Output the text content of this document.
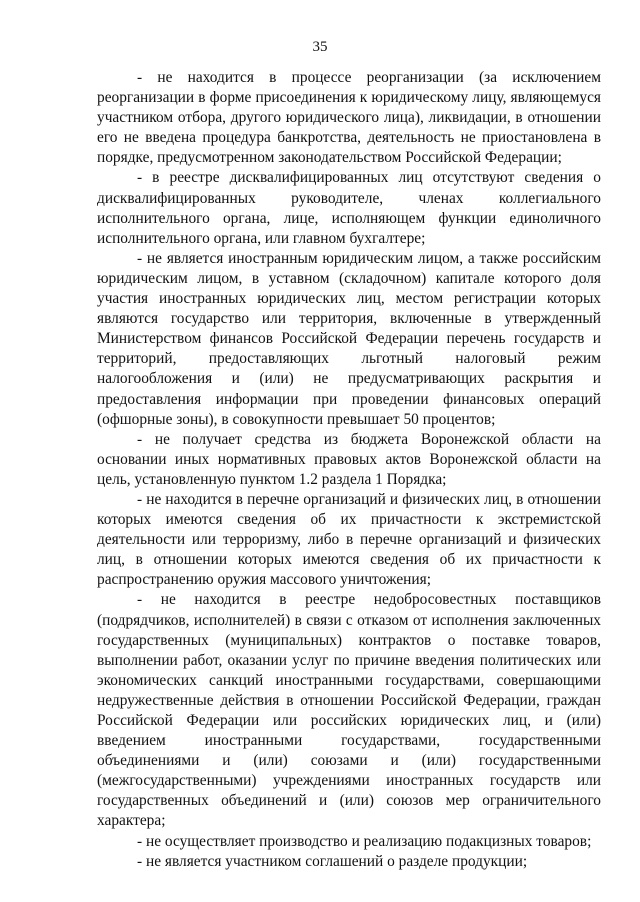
35

- не находится в процессе реорганизации (за исключением реорганизации в форме присоединения к юридическому лицу, являющемуся участником отбора, другого юридического лица), ликвидации, в отношении его не введена процедура банкротства, деятельность не приостановлена в порядке, предусмотренном законодательством Российской Федерации;

- в реестре дисквалифицированных лиц отсутствуют сведения о дисквалифицированных руководителе, членах коллегиального исполнительного органа, лице, исполняющем функции единоличного исполнительного органа, или главном бухгалтере;

- не является иностранным юридическим лицом, а также российским юридическим лицом, в уставном (складочном) капитале которого доля участия иностранных юридических лиц, местом регистрации которых являются государство или территория, включенные в утвержденный Министерством финансов Российской Федерации перечень государств и территорий, предоставляющих льготный налоговый режим налогообложения и (или) не предусматривающих раскрытия и предоставления информации при проведении финансовых операций (офшорные зоны), в совокупности превышает 50 процентов;

- не получает средства из бюджета Воронежской области на основании иных нормативных правовых актов Воронежской области на цель, установленную пунктом 1.2 раздела 1 Порядка;

- не находится в перечне организаций и физических лиц, в отношении которых имеются сведения об их причастности к экстремистской деятельности или терроризму, либо в перечне организаций и физических лиц, в отношении которых имеются сведения об их причастности к распространению оружия массового уничтожения;

- не находится в реестре недобросовестных поставщиков (подрядчиков, исполнителей) в связи с отказом от исполнения заключенных государственных (муниципальных) контрактов о поставке товаров, выполнении работ, оказании услуг по причине введения политических или экономических санкций иностранными государствами, совершающими недружественные действия в отношении Российской Федерации, граждан Российской Федерации или российских юридических лиц, и (или) введением иностранными государствами, государственными объединениями и (или) союзами и (или) государственными (межгосударственными) учреждениями иностранных государств или государственных объединений и (или) союзов мер ограничительного характера;

- не осуществляет производство и реализацию подакцизных товаров;

- не является участником соглашений о разделе продукции;
